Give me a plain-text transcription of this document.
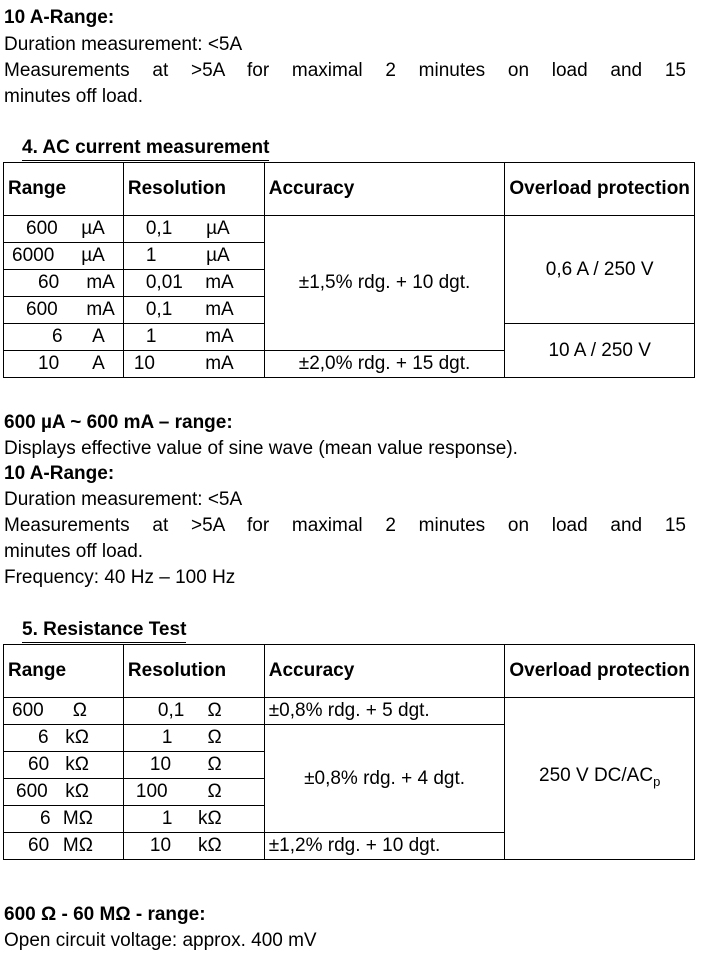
10 A-Range:
Duration measurement: <5A
Measurements at >5A for maximal 2 minutes on load and 15
minutes off load.
4. AC current measurement
Range	Resolution	Accuracy	Overload protection

600 µA	0,1 µA	±1,5% rdg. + 10 dgt.	0,6 A / 250 V

6000 µA	1 µA		

60 mA	0,01 mA		

600 mA	0,1 mA		

6 A	1 mA		10 A / 250 V

10 A	10 mA	±2,0% rdg. + 15 dgt.	
600 µA ~ 600 mA – range:
Displays effective value of sine wave (mean value response).
10 A-Range:
Duration measurement: <5A
Measurements at >5A for maximal 2 minutes on load and 15
minutes off load.
Frequency: 40 Hz – 100 Hz
5. Resistance Test
Range	Resolution	Accuracy	Overload protection

600 Ω	0,1 Ω	±0,8% rdg. + 5 dgt.	250 V $DC/AC_p$

6 kΩ	1 Ω	±0,8% rdg. + 4 dgt.	

60 kΩ	10 Ω		

600 kΩ	100 Ω		

6 MΩ	1 kΩ		

60 MΩ	10 kΩ	±1,2% rdg. + 10 dgt.	
600 Ω - 60 MΩ - range:
Open circuit voltage: approx. 400 mV
